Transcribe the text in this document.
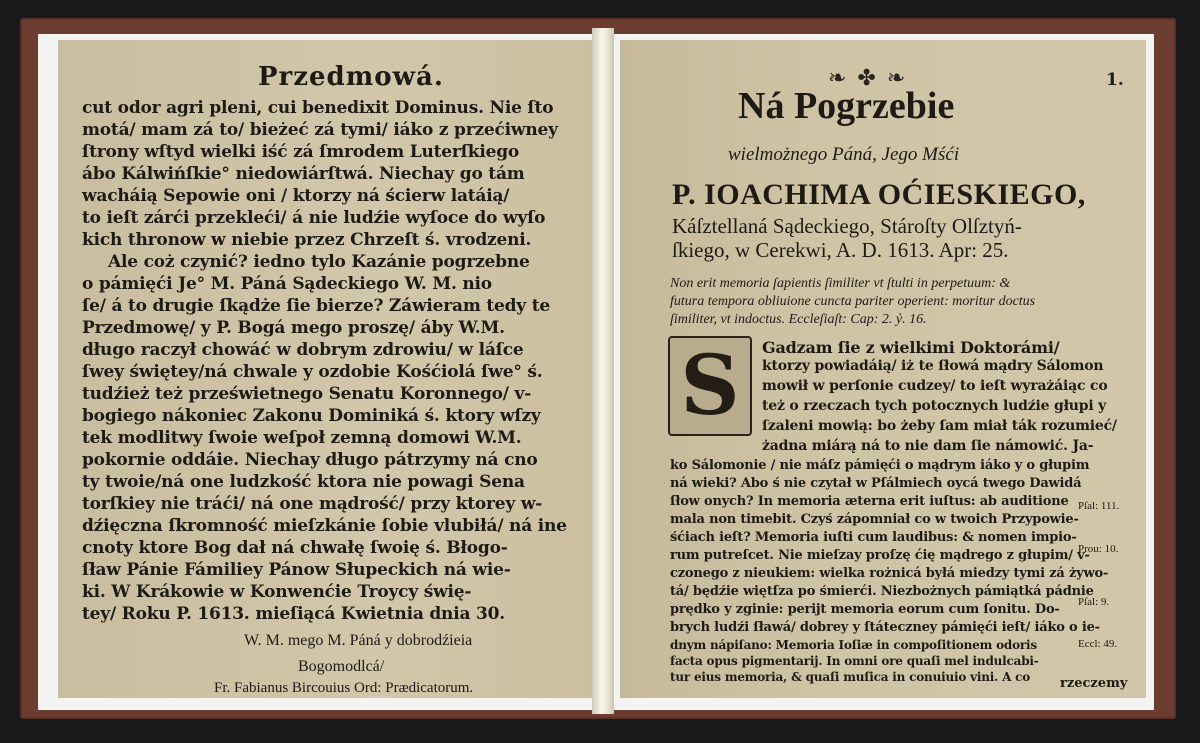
Przedmowá.
cut odor agri pleni, cui benedixit Dominus. Nie ſto
motá/ mam zá to/ bieżeć zá tymi/ iáko z przećiwney
ſtrony wſtyd wielki iść zá ſmrodem Luterſkiego
ábo Kálwińſkie° niedowiárſtwá. Niechay go tám
wacháią Sepowie oni / ktorzy ná ścierw latáią/
to ieſt zárći przekleći/ á nie ludźie wyſoce do wyſo
kich thronow w niebie przez Chrzeſt ś. vrodzeni.
Ale coż czynić? iedno tylo Kazánie pogrzebne
o pámięći Je° M. Páná Sądeckiego W. M. nio
ſe/ á to drugie ſkądże ſie bierze? Záwieram tedy te
Przedmowę/ y P. Bogá mego proszę/ áby W.M.
długo raczył chowáć w dobrym zdrowiu/ w láſce
ſwey świętey/ná chwale y ozdobie Kośćiolá ſwe° ś.
tudźież też prześwietnego Senatu Koronnego/ v-
bogiego nákoniec Zakonu Dominiká ś. ktory wſzy
tek modlitwy ſwoie weſpoł zemną domowi W.M.
pokornie oddáie. Niechay długo pátrzymy ná cno
ty twoie/ná one ludzkość ktora nie powagi Sena
torſkiey nie tráći/ ná one mądrość/ przy ktorey w-
dźięczna ſkromność mieſzkánie ſobie vlubiłá/ ná ine
cnoty ktore Bog dał ná chwałę ſwoię ś. Błogo-
ſław Pánie Fámiliey Pánow Słupeckich ná wie-
ki. W Krákowie w Konwenćie Troycy świę-
tey/ Roku P. 1613. mieſiącá Kwietnia dnia 30.
W. M. mego M. Páná y dobrodźieia
Bogomodlcá/
Fr. Fabianus Bircouius Ord: Prædicatorum.
❧ ✤ ❧	1.
Ná Pogrzebie
wielmożnego Páná, Jego Mśći
P. IOACHIMA OĆIESKIEGO,
Káſztellaná Sądeckiego, Stároſty Olſztyń-
ſkiego, w Cerekwi, A. D. 1613. Apr: 25.
Non erit memoria ſapientis ſimiliter vt ſtulti in perpetuum: &
futura tempora obliuione cuncta pariter operient: moritur doctus
ſimiliter, vt indoctus. Eccleſiaſt: Cap: 2. ỷ. 16.
S	Gadzam ſie z wielkimi Doktorámi/
ktorzy powiadáią/ iż te ſłowá mądry Sálomon
mowił w perſonie cudzey/ to ieſt wyrażáiąc co
też o rzeczach tych potocznych ludźie głupi y
ſzaleni mowią: bo żeby ſam miał ták rozumieć/
żadna miárą ná to nie dam ſie námowić. Ja-
ko Sálomonie / nie máſz pámięći o mądrym iáko y o głupim
ná wieki? Abo ś nie czytał w Pſálmiech oycá twego Dawidá
ſłow onych? In memoria æterna erit iuſtus: ab auditione
mala non timebit. Czyś zápomniał co w twoich Przypowie-
śćiach ieſt? Memoria iuſti cum laudibus: & nomen impio-
rum putreſcet. Nie mieſzay proſzę ćię mądrego z głupim/ v-
czonego z nieukiem: wielka rożnicá byłá miedzy tymi zá żywo-
tá/ będźie więtſza po śmierći. Niezbożnych pámiątká pádnie
prędko y zginie: perijt memoria eorum cum ſonitu. Do-
brych ludźi ſławá/ dobrey y ſtáteczney pámięći ieſt/ iáko o ie-
Pſal: 111.
Prou: 10.
Pſal: 9.
Eccl: 49.
dnym nápiſano: Memoria Ioſiæ in compoſitionem odoris
facta opus pigmentarij. In omni ore quaſi mel indulcabi-
tur eius memoria, & quaſi muſica in conuiuio vini. A co	rzeczemy
